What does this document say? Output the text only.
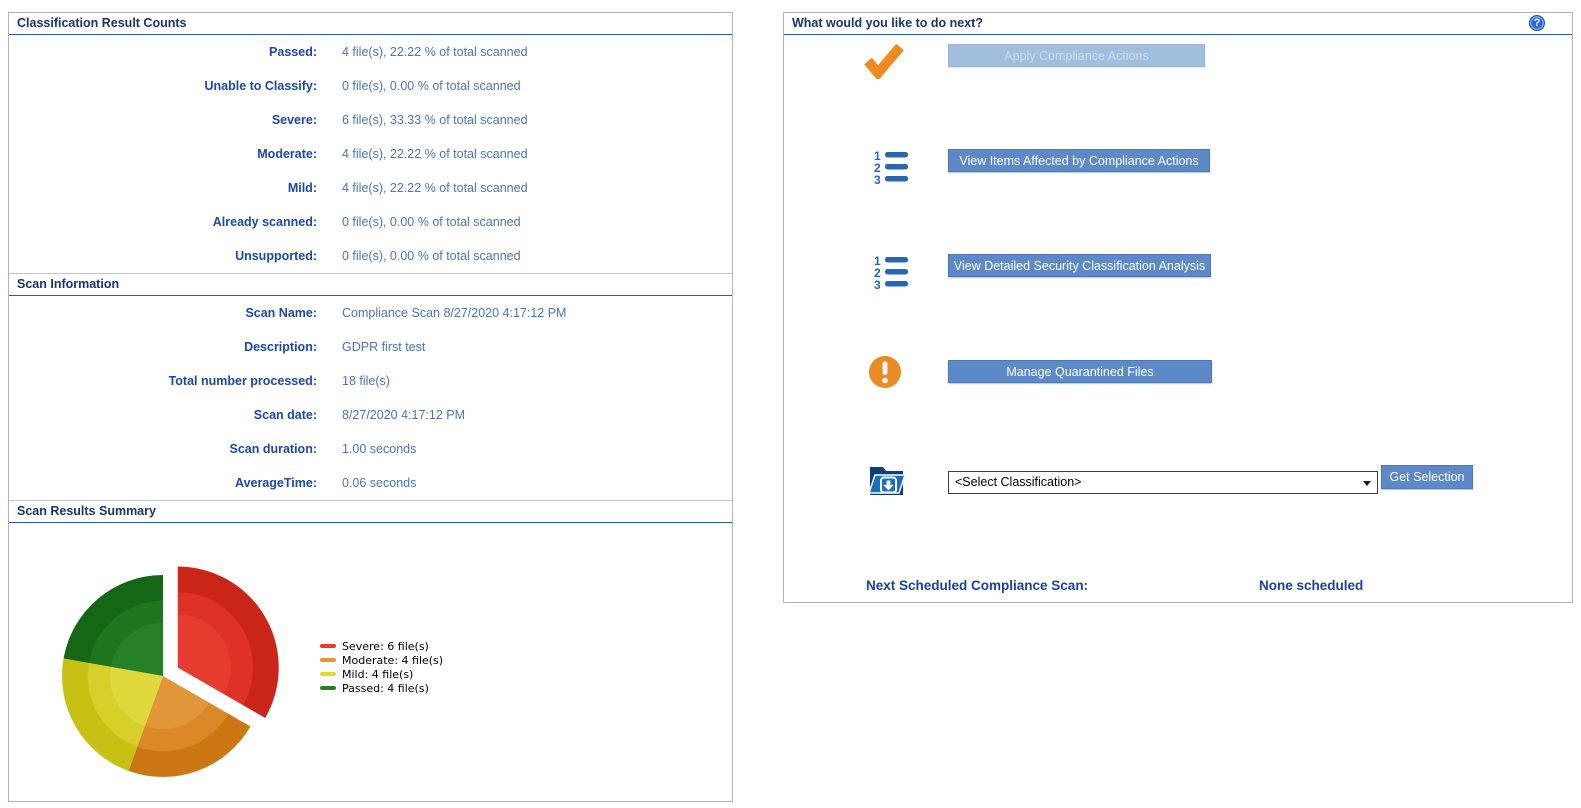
Classification Result Counts
Passed: 4 file(s), 22.22 % of total scanned
Unable to Classify: 0 file(s), 0.00 % of total scanned
Severe: 6 file(s), 33.33 % of total scanned
Moderate: 4 file(s), 22.22 % of total scanned
Mild: 4 file(s), 22.22 % of total scanned
Already scanned: 0 file(s), 0.00 % of total scanned
Unsupported: 0 file(s), 0.00 % of total scanned
Scan Information
Scan Name: Compliance Scan 8/27/2020 4:17:12 PM
Description: GDPR first test
Total number processed: 18 file(s)
Scan date: 8/27/2020 4:17:12 PM
Scan duration: 1.00 seconds
AverageTime: 0.06 seconds
Scan Results Summary
Severe: 6 file(s)
Moderate: 4 file(s)
Mild: 4 file(s)
Passed: 4 file(s)
What would you like to do next?	?
Apply Compliance Actions
1
2
3
View Items Affected by Compliance Actions
1
2
3
View Detailed Security Classification Analysis
Manage Quarantined Files
<Select Classification>	Get Selection
Next Scheduled Compliance Scan:	None scheduled
